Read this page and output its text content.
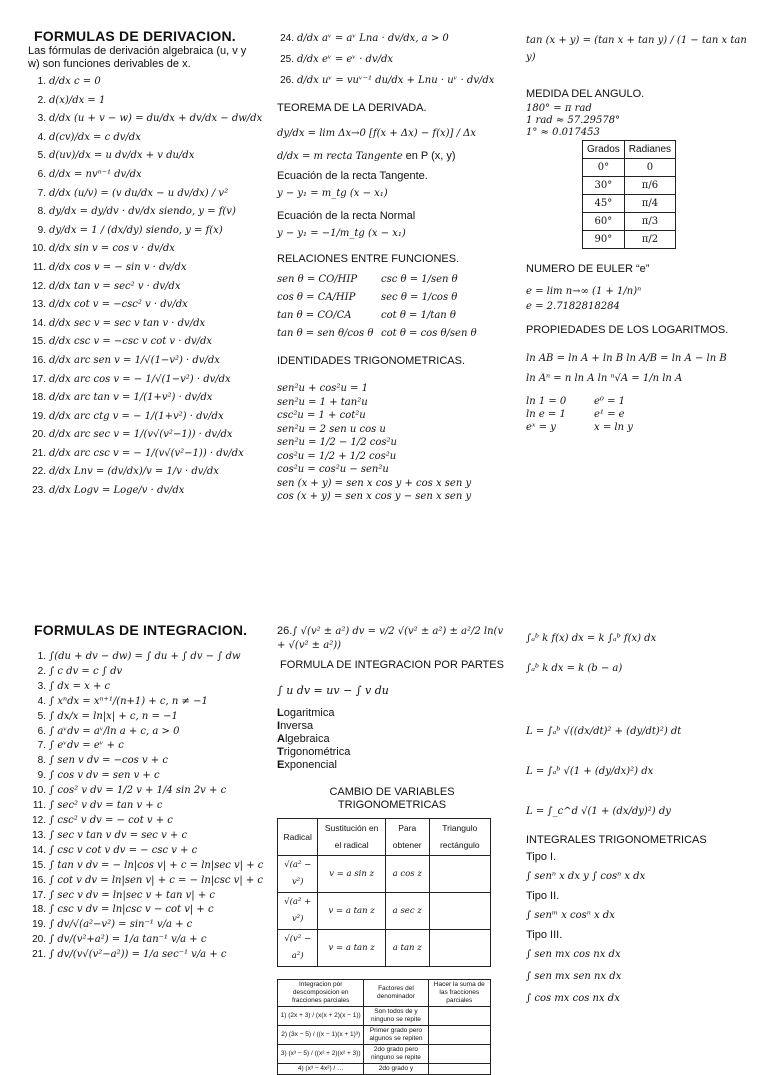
FORMULAS DE DERIVACION.
Las fórmulas de derivación algebraica (u, v y w) son funciones derivables de x.
1. d/dx c = 0
2. d(x)/dx = 1
3. d/dx (u + v − w) = du/dx + dv/dx − dw/dx
4. d(cv)/dx = c dv/dx
5. d(uv)/dx = u dv/dx + v du/dx
6. d/dx = nvⁿ⁻¹ dv/dx
7. d/dx (u/v) = (v du/dx − u dv/dx) / v²
8. dy/dx = dy/dv · dv/dx siendo, y = f(v)
9. dy/dx = 1 / (dx/dy) siendo, y = f(x)
10. d/dx sin v = cos v · dv/dx
11. d/dx cos v = − sin v · dv/dx
12. d/dx tan v = sec² v · dv/dx
13. d/dx cot v = −csc² v · dv/dx
14. d/dx sec v = sec v tan v · dv/dx
15. d/dx csc v = −csc v cot v · dv/dx
16. d/dx arc sen v = 1/√(1−v²) · dv/dx
17. d/dx arc cos v = − 1/√(1−v²) · dv/dx
18. d/dx arc tan v = 1/(1+v²) · dv/dx
19. d/dx arc ctg v = − 1/(1+v²) · dv/dx
20. d/dx arc sec v = 1/(v√(v²−1)) · dv/dx
21. d/dx arc csc v = − 1/(v√(v²−1)) · dv/dx
22. d/dx Lnv = (dv/dx)/v = 1/v · dv/dx
23. d/dx Logv = Loge/v · dv/dx
24. d/dx aᵛ = aᵛ Lna · dv/dx, a > 0
25. d/dx eᵛ = eᵛ · dv/dx
26. d/dx uᵛ = vuᵛ⁻¹ du/dx + Lnu · uᵛ · dv/dx
TEOREMA DE LA DERIVADA.
dy/dx = lim Δx→0 [f(x + Δx) − f(x)] / Δx
d/dx = m recta Tangente en P (x, y)
Ecuación de la recta Tangente.
y − y₁ = m_tg (x − x₁)
Ecuación de la recta Normal
y − y₁ = −1/m_tg (x − x₁)
RELACIONES ENTRE FUNCIONES.
sen θ = CO/HIP	csc θ = 1/sen θ
cos θ = CA/HIP	sec θ = 1/cos θ
tan θ = CO/CA	cot θ = 1/tan θ
tan θ = sen θ/cos θ cot θ = cos θ/sen θ
IDENTIDADES TRIGONOMETRICAS.
sen²u + cos²u = 1
sen²u = 1 + tan²u
csc²u = 1 + cot²u
sen²u = 2 sen u cos u
sen²u = 1/2 − 1/2 cos²u
cos²u = 1/2 + 1/2 cos²u
cos²u = cos²u − sen²u
sen (x + y) = sen x cos y + cos x sen y
cos (x + y) = sen x cos y − sen x sen y
tan (x + y) = (tan x + tan y) / (1 − tan x tan y)
MEDIDA DEL ANGULO.
180° = π rad
1 rad ≈ 57.29578°
1° ≈ 0.017453
Grados	Radianes
0°	0
30°	π/6
45°	π/4
60°	π/3
90°	π/2
NUMERO DE EULER “e”
e = lim n→∞ (1 + 1/n)ⁿ
e = 2.7182818284
PROPIEDADES DE LOS LOGARITMOS.
ln AB = ln A + ln B ln A/B = ln A − ln B
ln Aⁿ = n ln A ln ⁿ√A = 1/n ln A
ln 1 = 0	e⁰ = 1
ln e = 1	e¹ = e
eˣ = y	x = ln y
FORMULAS DE INTEGRACION.
1. ∫(du + dv − dw) = ∫ du + ∫ dv − ∫ dw
2. ∫ c dv = c ∫ dv
3. ∫ dx = x + c
4. ∫ xⁿdx = xⁿ⁺¹/(n+1) + c, n ≠ −1
5. ∫ dx/x = ln|x| + c, n = −1
6. ∫ aᵛdv = aᵛ/ln a + c, a > 0
7. ∫ eᵛdv = eᵛ + c
8. ∫ sen v dv = −cos v + c
9. ∫ cos v dv = sen v + c
10. ∫ cos² v dv = 1/2 v + 1/4 sin 2v + c
11. ∫ sec² v dv = tan v + c
12. ∫ csc² v dv = − cot v + c
13. ∫ sec v tan v dv = sec v + c
14. ∫ csc v cot v dv = − csc v + c
15. ∫ tan v dv = − ln|cos v| + c = ln|sec v| + c
16. ∫ cot v dv = ln|sen v| + c = − ln|csc v| + c
17. ∫ sec v dv = ln|sec v + tan v| + c
18. ∫ csc v dv = ln|csc v − cot v| + c
19. ∫ dv/√(a²−v²) = sin⁻¹ v/a + c
20. ∫ dv/(v²+a²) = 1/a tan⁻¹ v/a + c
21. ∫ dv/(v√(v²−a²)) = 1/a sec⁻¹ v/a + c
26.∫ √(v² ± a²) dv = v/2 √(v² ± a²) ± a²/2 ln(v + √(v² ± a²))
FORMULA DE INTEGRACION POR PARTES
∫ u dv = uv − ∫ v du
Logaritmica
Inversa
Algebraica
Trigonométrica
Exponencial
CAMBIO DE VARIABLES TRIGONOMETRICAS
Radical	Sustitución en el radical	Para obtener	Triangulo rectángulo
√(a² − v²)	v = a sin z	a cos z	
√(a² + v²)	v = a tan z	a sec z	
√(v² − a²)	v = a tan z	a tan z	
Integracion por descomposicion en fracciones parciales	Factores del denominador	Hacer la suma de las fracciones parciales
1) (2x + 3) / (x(x + 2)(x − 1))	Son todos de y ninguno se repite	
2) (3x − 5) / ((x − 1)(x + 1)³)	Primer grado pero algunos se repiten	
3) (x³ − 5) / ((x² + 2)(x² + 3))	2do grado pero ninguno se repite	
4) (x³ − 4x²) / …	2do grado y	
∫ₐᵇ k f(x) dx = k ∫ₐᵇ f(x) dx
∫ₐᵇ k dx = k (b − a)
L = ∫ₐᵇ √((dx/dt)² + (dy/dt)²) dt
L = ∫ₐᵇ √(1 + (dy/dx)²) dx
L = ∫_c^d √(1 + (dx/dy)²) dy
INTEGRALES TRIGONOMETRICAS
Tipo I.
∫ senⁿ x dx y ∫ cosⁿ x dx
Tipo II.
∫ senᵐ x cosⁿ x dx
Tipo III.
∫ sen mx cos nx dx
∫ sen mx sen nx dx
∫ cos mx cos nx dx
